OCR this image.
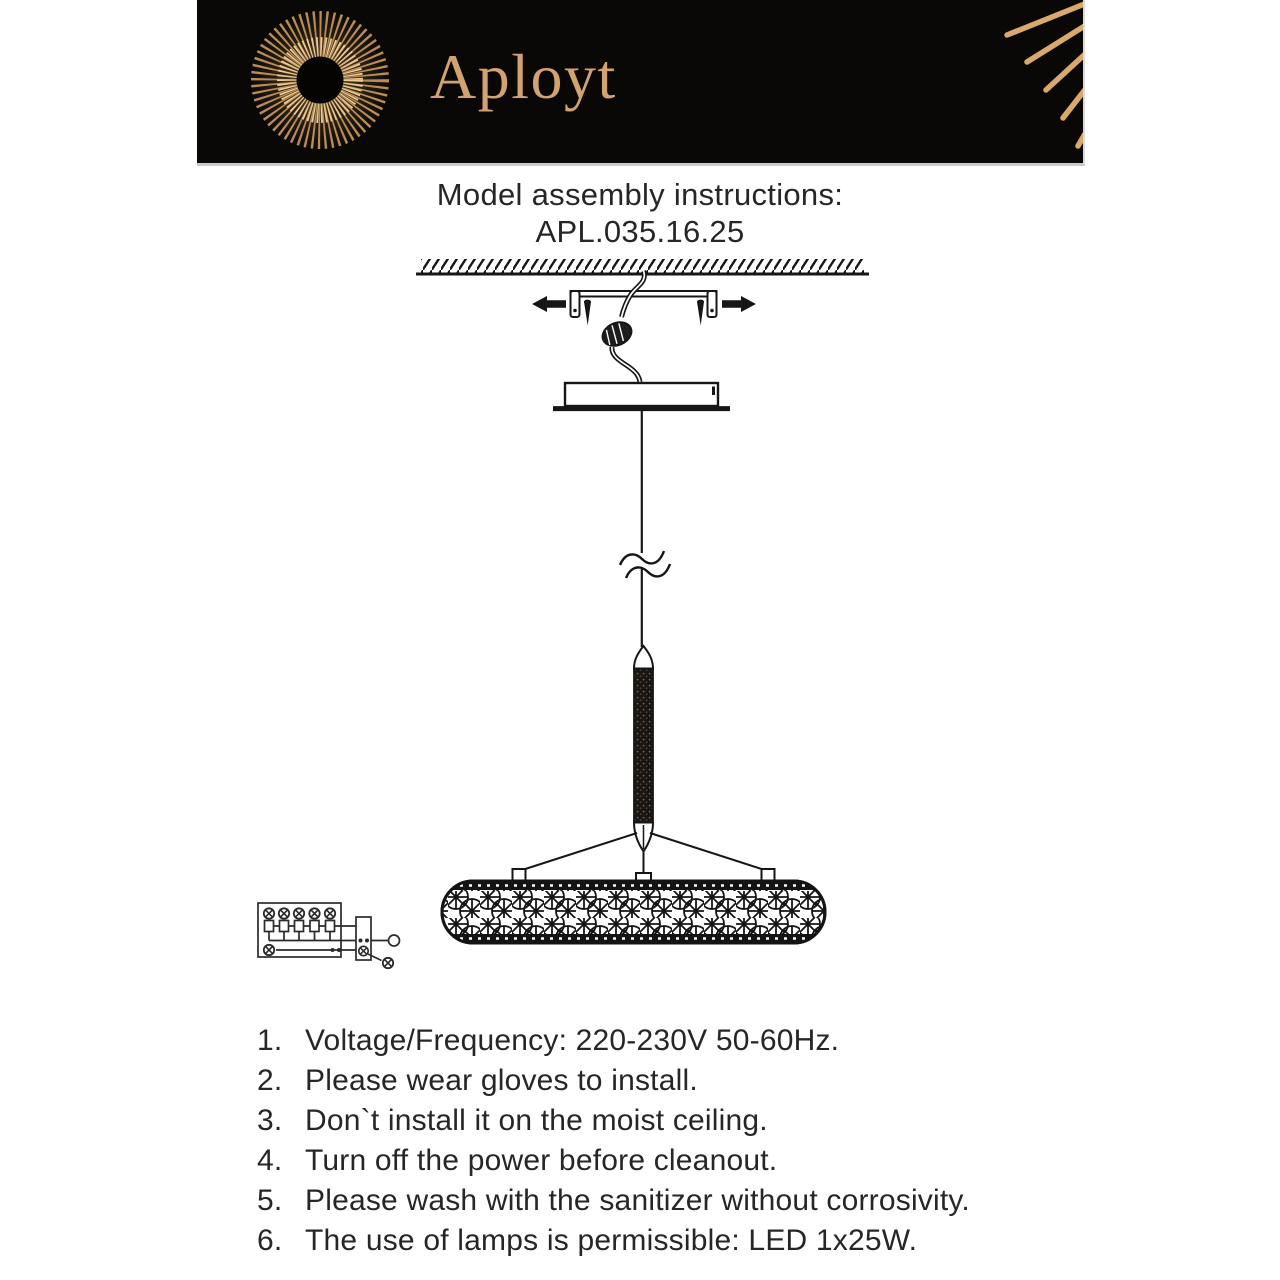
Aployt
Model assembly instructions:
APL.035.16.25
1. Voltage/Frequency: 220-230V 50-60Hz.
2. Please wear gloves to install.
3. Don`t install it on the moist ceiling.
4. Turn off the power before cleanout.
5. Please wash with the sanitizer without corrosivity.
6. The use of lamps is permissible: LED 1x25W.
